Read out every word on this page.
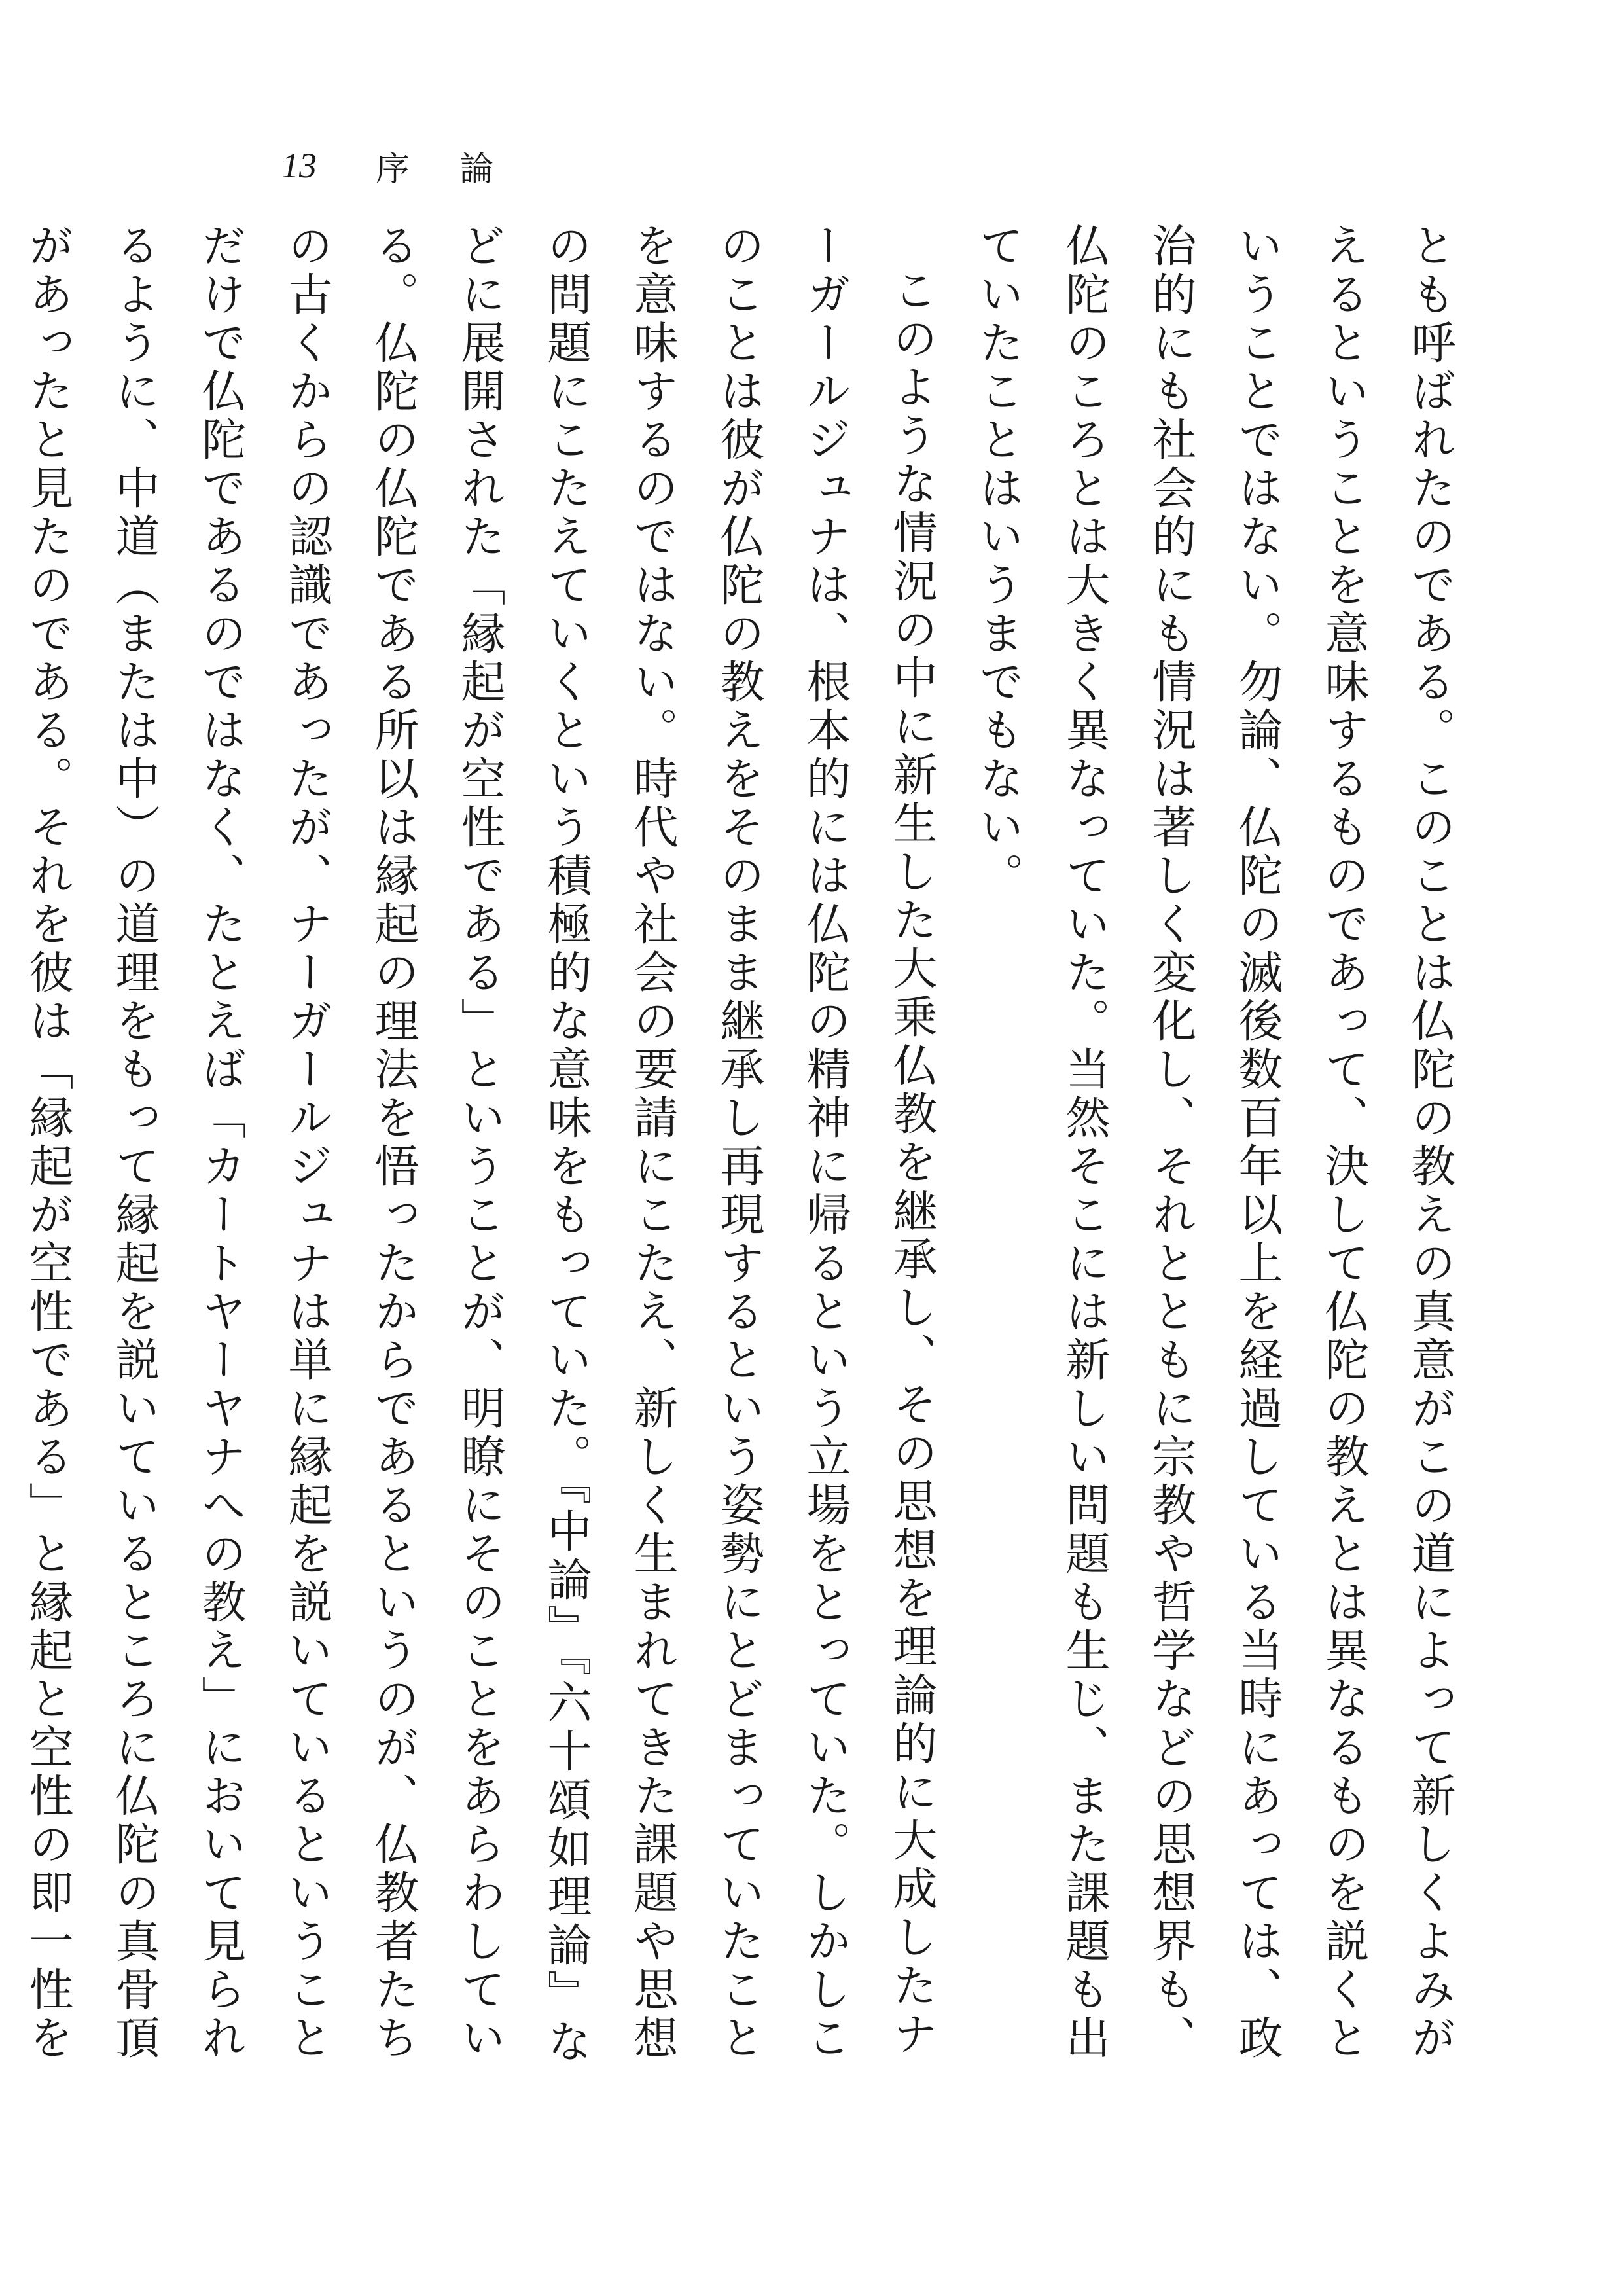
13 序論

とも呼ばれたのである。このことは仏陀の教えの真意がこの道によって新しくよみがえるということを意味するものであって、決して仏陀の教えとは異なるものを説くということではない。勿論、仏陀の滅後数百年以上を経過している当時にあっては、政治的にも社会的にも情況は著しく変化し、それとともに宗教や哲学などの思想界も、仏陀のころとは大きく異なっていた。当然そこには新しい問題も生じ、また課題も出ていたことはいうまでもない。

このような情況の中に新生した大乗仏教を継承し、その思想を理論的に大成したナーガールジュナは、根本的には仏陀の精神に帰るという立場をとっていた。しかしこのことは彼が仏陀の教えをそのまま継承し再現するという姿勢にとどまっていたことを意味するのではない。時代や社会の要請にこたえ、新しく生まれてきた課題や思想の問題にこたえていくという積極的な意味をもっていた。『中論』『六十頌如理論』などに展開された「縁起が空性である」ということが、明瞭にそのことをあらわしている。仏陀の仏陀である所以は縁起の理法を悟ったからであるというのが、仏教者たちの古くからの認識であったが、ナーガールジュナは単に縁起を説いているということだけで仏陀であるのではなく、たとえば「カートヤーヤナへの教え」において見られるように、中道（または中）の道理をもって縁起を説いているところに仏陀の真骨頂があったと見たのである。それを彼は「縁起が空性である」と縁起と空性の即一性を
